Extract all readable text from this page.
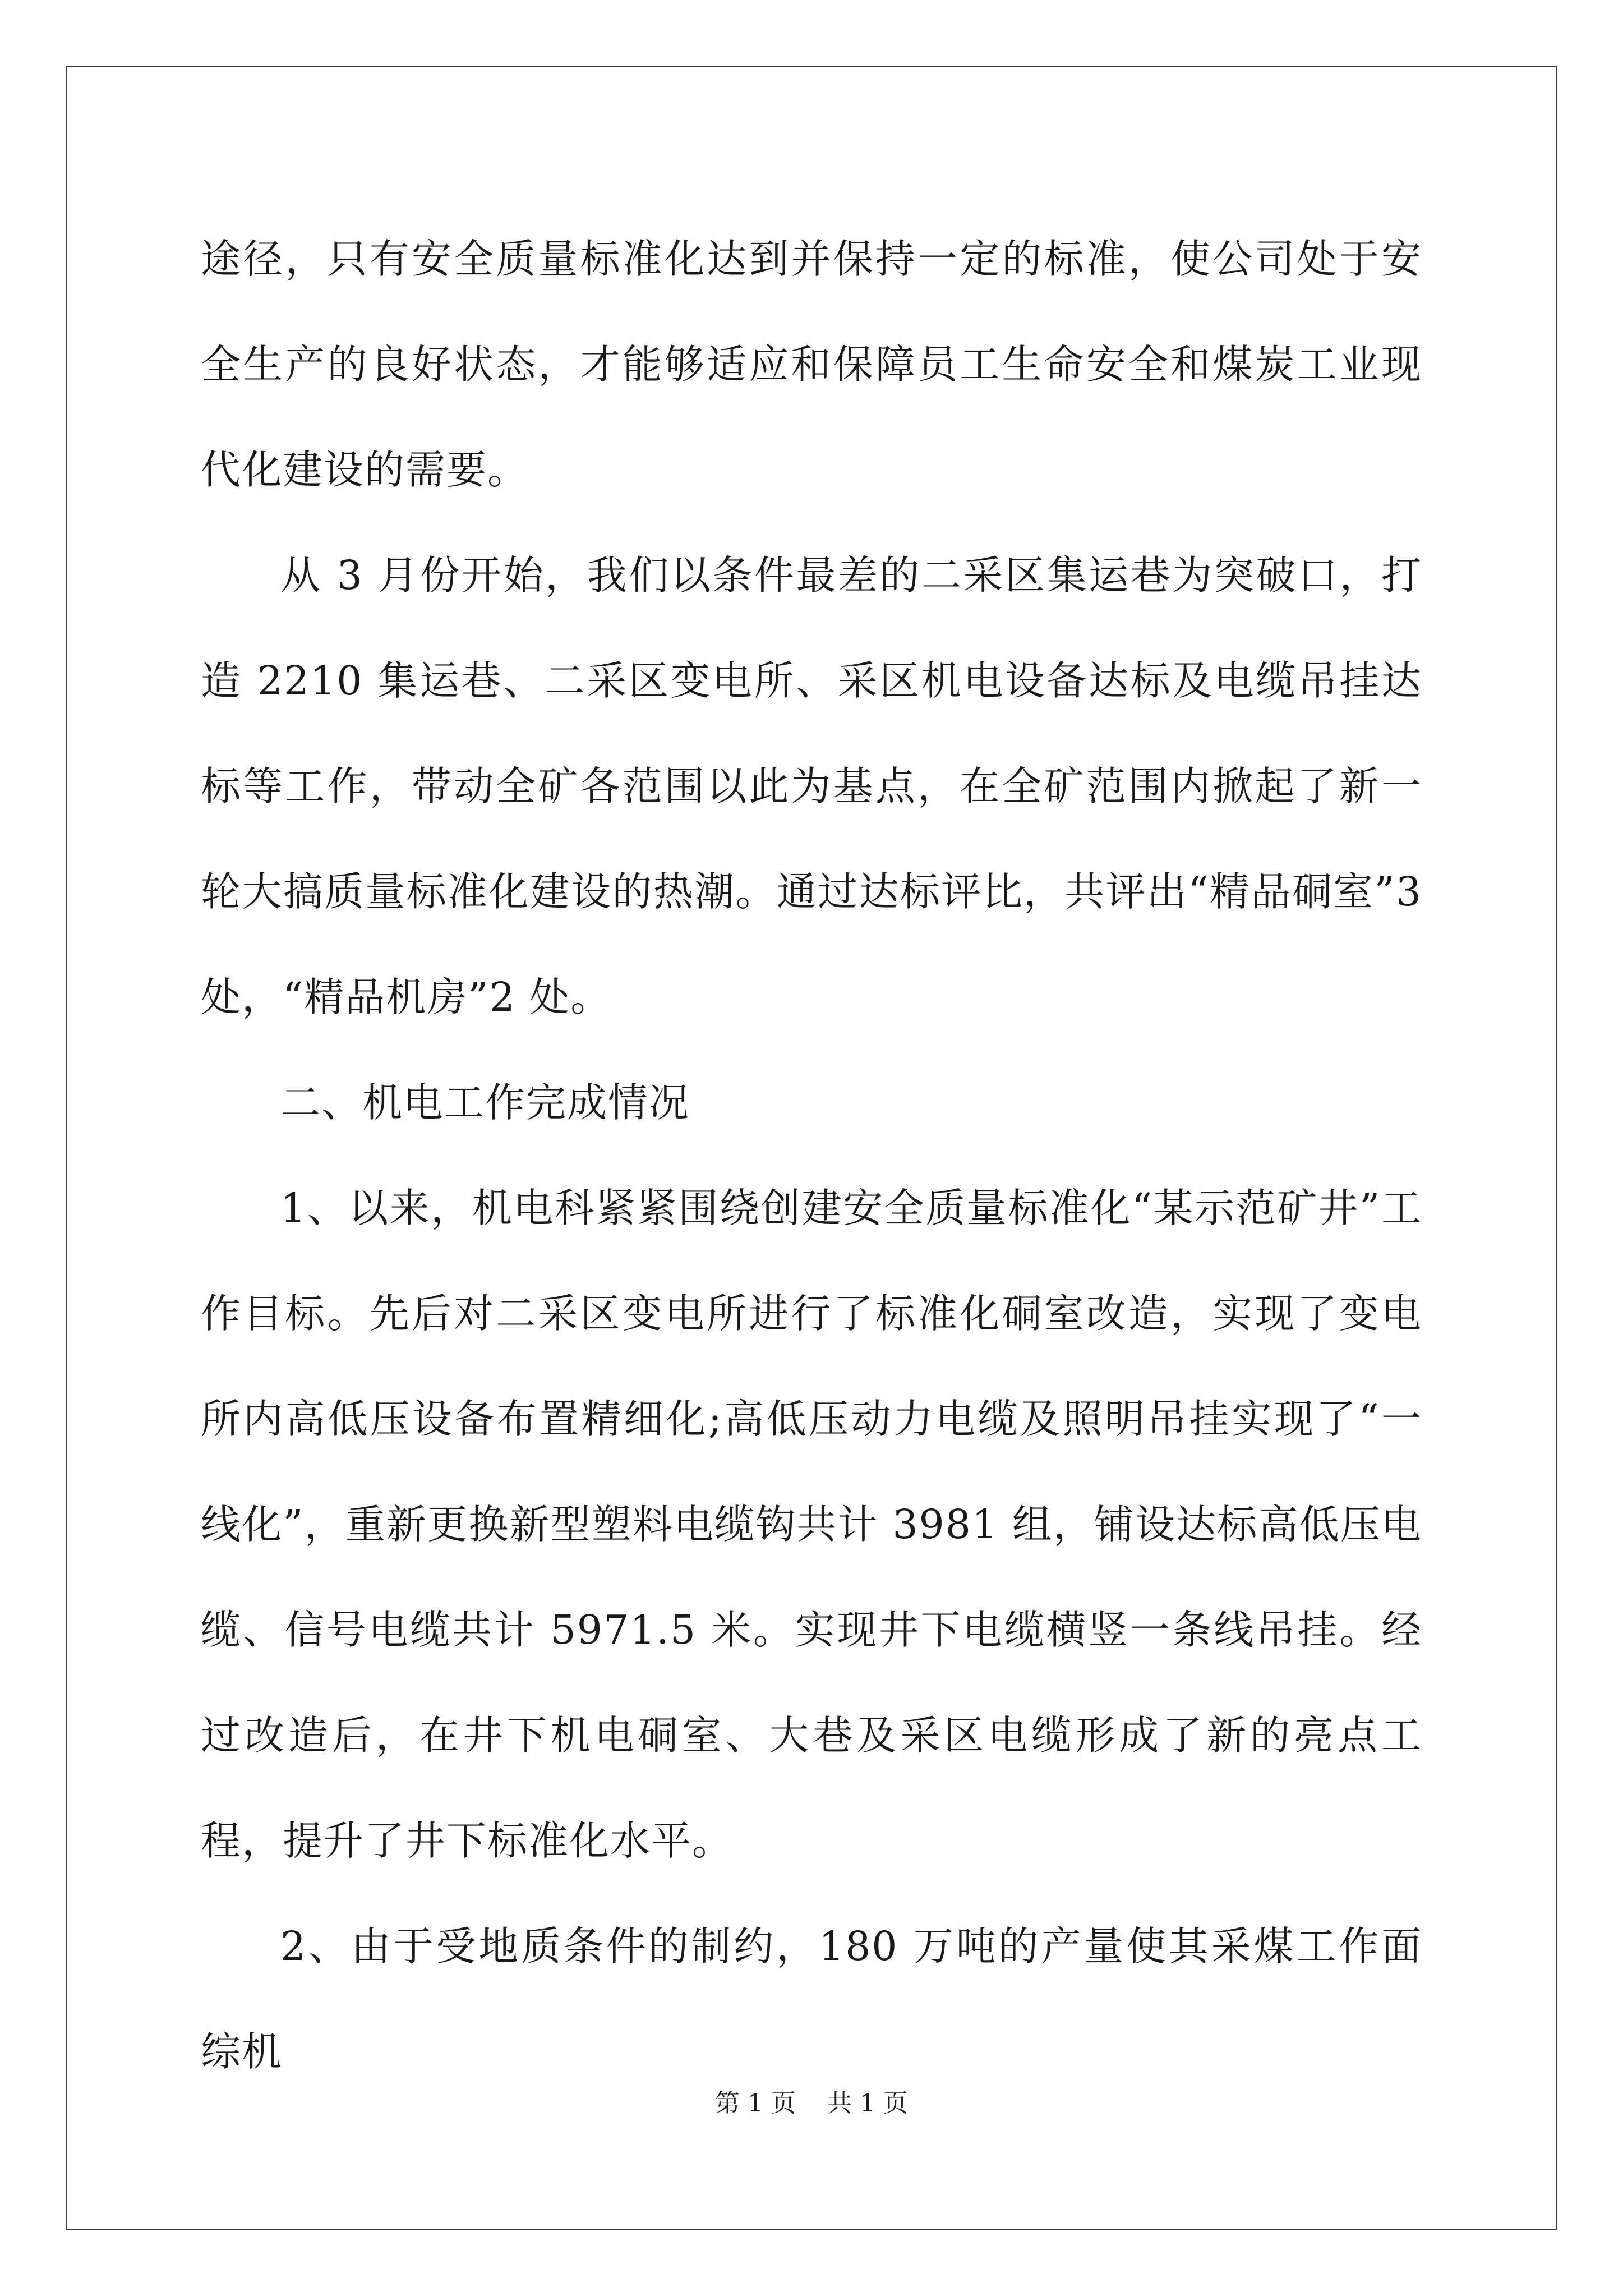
途径，只有安全质量标准化达到并保持一定的标准，使公司处于安全生产的良好状态，才能够适应和保障员工生命安全和煤炭工业现代化建设的需要。

从 3 月份开始，我们以条件最差的二采区集运巷为突破口，打造 2210 集运巷、二采区变电所、采区机电设备达标及电缆吊挂达标等工作，带动全矿各范围以此为基点，在全矿范围内掀起了新一轮大搞质量标准化建设的热潮。通过达标评比，共评出“精品硐室”3 处，“精品机房”2 处。

二、机电工作完成情况

1、以来，机电科紧紧围绕创建安全质量标准化“某示范矿井”工作目标。先后对二采区变电所进行了标准化硐室改造，实现了变电所内高低压设备布置精细化;高低压动力电缆及照明吊挂实现了“一线化”，重新更换新型塑料电缆钩共计 3981 组，铺设达标高低压电缆、信号电缆共计 5971.5 米。实现井下电缆横竖一条线吊挂。经过改造后，在井下机电硐室、大巷及采区电缆形成了新的亮点工程，提升了井下标准化水平。

2、由于受地质条件的制约，180 万吨的产量使其采煤工作面综机

第 1 页    共 1 页
